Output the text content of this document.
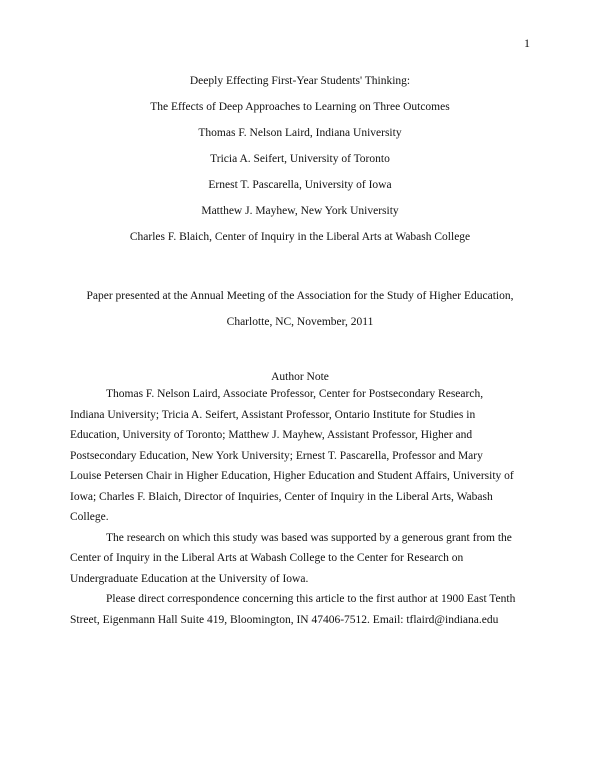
1
Deeply Effecting First-Year Students' Thinking:
The Effects of Deep Approaches to Learning on Three Outcomes
Thomas F. Nelson Laird, Indiana University
Tricia A. Seifert, University of Toronto
Ernest T. Pascarella, University of Iowa
Matthew J. Mayhew, New York University
Charles F. Blaich, Center of Inquiry in the Liberal Arts at Wabash College
Paper presented at the Annual Meeting of the Association for the Study of Higher Education,
Charlotte, NC, November, 2011
Author Note
Thomas F. Nelson Laird, Associate Professor, Center for Postsecondary Research,
Indiana University; Tricia A. Seifert, Assistant Professor, Ontario Institute for Studies in
Education, University of Toronto; Matthew J. Mayhew, Assistant Professor, Higher and
Postsecondary Education, New York University; Ernest T. Pascarella, Professor and Mary
Louise Petersen Chair in Higher Education, Higher Education and Student Affairs, University of
Iowa; Charles F. Blaich, Director of Inquiries, Center of Inquiry in the Liberal Arts, Wabash
College.
The research on which this study was based was supported by a generous grant from the
Center of Inquiry in the Liberal Arts at Wabash College to the Center for Research on
Undergraduate Education at the University of Iowa.
Please direct correspondence concerning this article to the first author at 1900 East Tenth
Street, Eigenmann Hall Suite 419, Bloomington, IN 47406-7512. Email: tflaird@indiana.edu
